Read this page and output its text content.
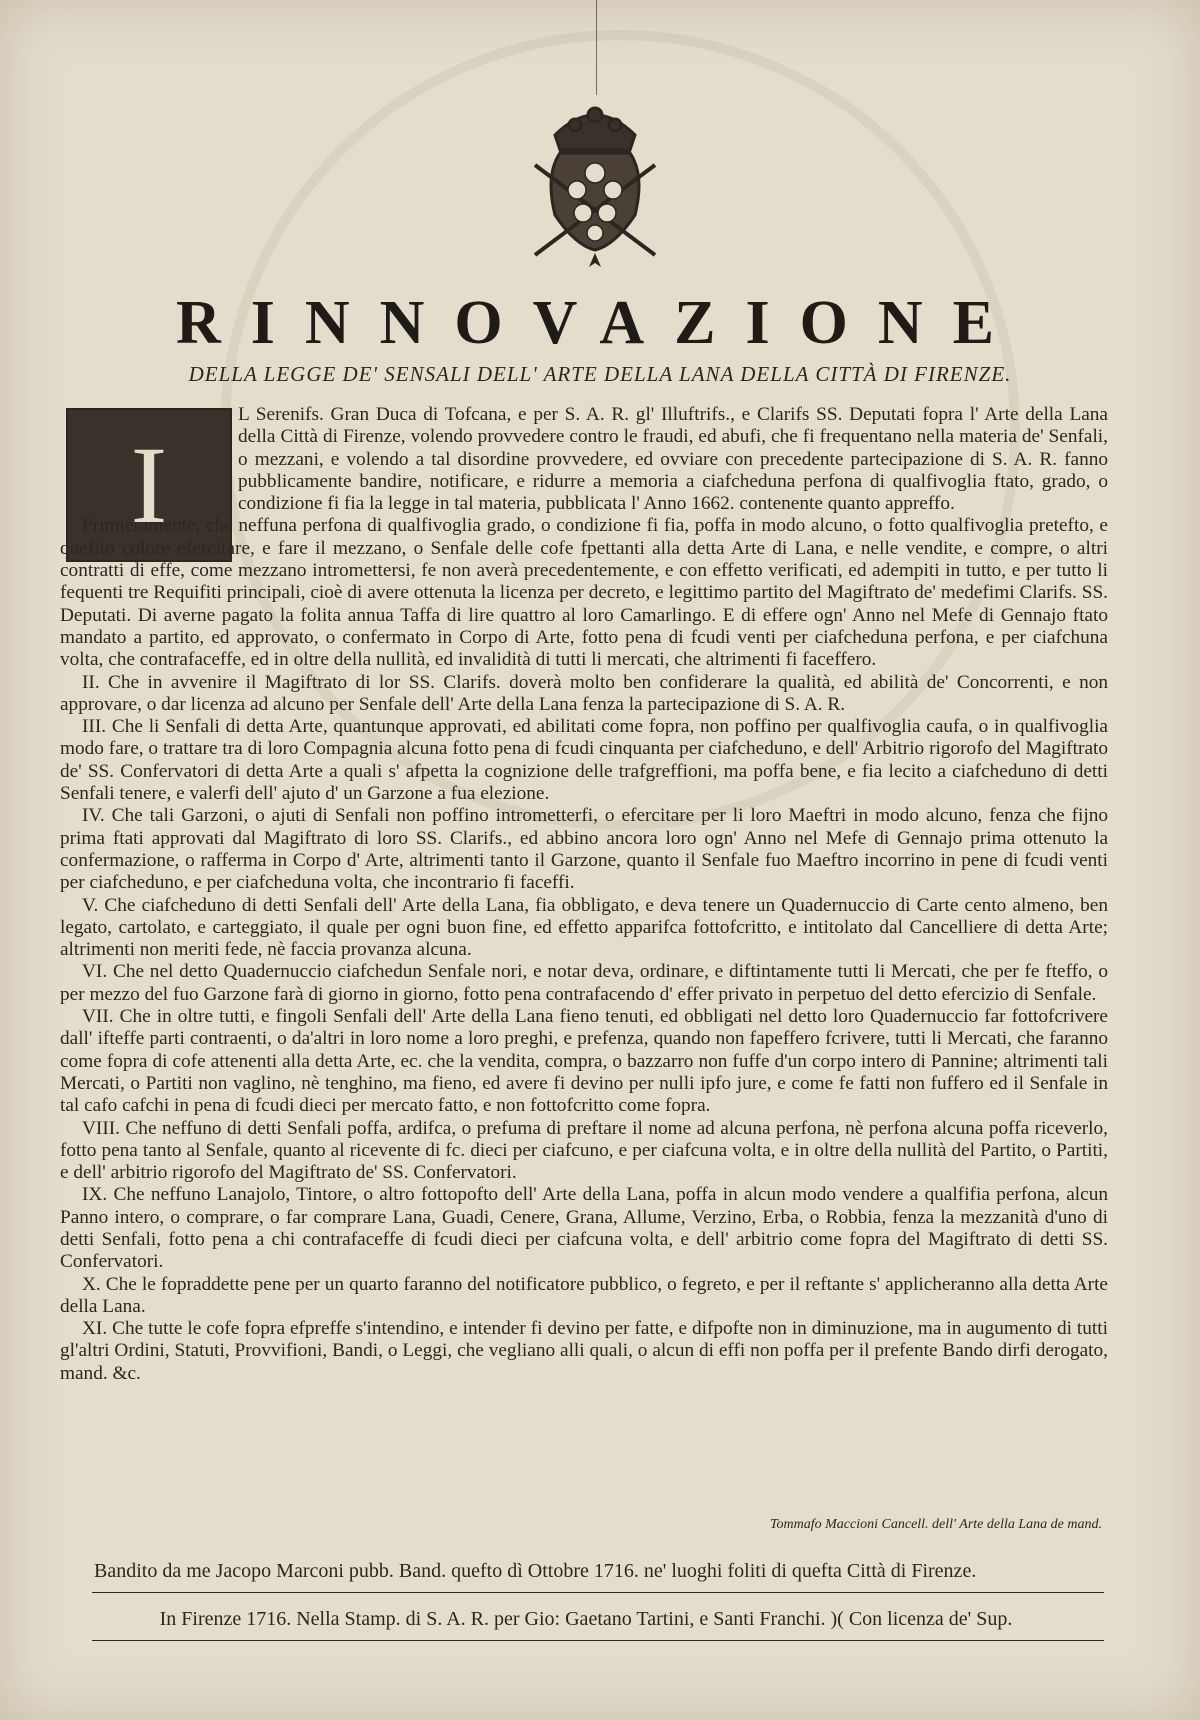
RINNOVAZIONE

DELLA LEGGE DE' SENSALI DELL' ARTE DELLA LANA DELLA CITTÀ DI FIRENZE.

I

L Serenifs. Gran Duca di Tofcana, e per S. A. R. gl' Illuftrifs., e Clarifs SS. Deputati fopra l' Arte della Lana della Città di Firenze, volendo provvedere contro le fraudi, ed abufi, che fi frequentano nella materia de' Senfali, o mezzani, e volendo a tal disordine provvedere, ed ovviare con precedente partecipazione di S. A. R. fanno pubblicamente bandire, notificare, e ridurre a memoria a ciafcheduna perfona di qualfivoglia ftato, grado, o condizione fi fia la legge in tal materia, pubblicata l' Anno 1662. contenente quanto appreffo.

Primieramente, che neffuna perfona di qualfivoglia grado, o condizione fi fia, poffa in modo alcuno, o fotto qualfivoglia pretefto, e quefito colore efercitare, e fare il mezzano, o Senfale delle cofe fpettanti alla detta Arte di Lana, e nelle vendite, e compre, o altri contratti di effe, come mezzano intromettersi, fe non averà precedentemente, e con effetto verificati, ed adempiti in tutto, e per tutto li fequenti tre Requifiti principali, cioè di avere ottenuta la licenza per decreto, e legittimo partito del Magiftrato de' medefimi Clarifs. SS. Deputati. Di averne pagato la folita annua Taffa di lire quattro al loro Camarlingo. E di effere ogn' Anno nel Mefe di Gennajo ftato mandato a partito, ed approvato, o confermato in Corpo di Arte, fotto pena di fcudi venti per ciafcheduna perfona, e per ciafchuna volta, che contrafaceffe, ed in oltre della nullità, ed invalidità di tutti li mercati, che altrimenti fi faceffero.

II. Che in avvenire il Magiftrato di lor SS. Clarifs. doverà molto ben confiderare la qualità, ed abilità de' Concorrenti, e non approvare, o dar licenza ad alcuno per Senfale dell' Arte della Lana fenza la partecipazione di S. A. R.

III. Che li Senfali di detta Arte, quantunque approvati, ed abilitati come fopra, non poffino per qualfivoglia caufa, o in qualfivoglia modo fare, o trattare tra di loro Compagnia alcuna fotto pena di fcudi cinquanta per ciafcheduno, e dell' Arbitrio rigorofo del Magiftrato de' SS. Confervatori di detta Arte a quali s' afpetta la cognizione delle trafgreffioni, ma poffa bene, e fia lecito a ciafcheduno di detti Senfali tenere, e valerfi dell' ajuto d' un Garzone a fua elezione.

IV. Che tali Garzoni, o ajuti di Senfali non poffino intrometterfi, o efercitare per li loro Maeftri in modo alcuno, fenza che fijno prima ftati approvati dal Magiftrato di loro SS. Clarifs., ed abbino ancora loro ogn' Anno nel Mefe di Gennajo prima ottenuto la confermazione, o rafferma in Corpo d' Arte, altrimenti tanto il Garzone, quanto il Senfale fuo Maeftro incorrino in pene di fcudi venti per ciafcheduno, e per ciafcheduna volta, che incontrario fi faceffi.

V. Che ciafcheduno di detti Senfali dell' Arte della Lana, fia obbligato, e deva tenere un Quadernuccio di Carte cento almeno, ben legato, cartolato, e carteggiato, il quale per ogni buon fine, ed effetto apparifca fottofcritto, e intitolato dal Cancelliere di detta Arte; altrimenti non meriti fede, nè faccia provanza alcuna.

VI. Che nel detto Quadernuccio ciafchedun Senfale nori, e notar deva, ordinare, e diftintamente tutti li Mercati, che per fe fteffo, o per mezzo del fuo Garzone farà di giorno in giorno, fotto pena contrafacendo d' effer privato in perpetuo del detto efercizio di Senfale.

VII. Che in oltre tutti, e fingoli Senfali dell' Arte della Lana fieno tenuti, ed obbligati nel detto loro Quadernuccio far fottofcrivere dall' ifteffe parti contraenti, o da'altri in loro nome a loro preghi, e prefenza, quando non fapeffero fcrivere, tutti li Mercati, che faranno come fopra di cofe attenenti alla detta Arte, ec. che la vendita, compra, o bazzarro non fuffe d'un corpo intero di Pannine; altrimenti tali Mercati, o Partiti non vaglino, nè tenghino, ma fieno, ed avere fi devino per nulli ipfo jure, e come fe fatti non fuffero ed il Senfale in tal cafo cafchi in pena di fcudi dieci per mercato fatto, e non fottofcritto come fopra.

VIII. Che neffuno di detti Senfali poffa, ardifca, o prefuma di preftare il nome ad alcuna perfona, nè perfona alcuna poffa riceverlo, fotto pena tanto al Senfale, quanto al ricevente di fc. dieci per ciafcuno, e per ciafcuna volta, e in oltre della nullità del Partito, o Partiti, e dell' arbitrio rigorofo del Magiftrato de' SS. Confervatori.

IX. Che neffuno Lanajolo, Tintore, o altro fottopofto dell' Arte della Lana, poffa in alcun modo vendere a qualfifia perfona, alcun Panno intero, o comprare, o far comprare Lana, Guadi, Cenere, Grana, Allume, Verzino, Erba, o Robbia, fenza la mezzanità d'uno di detti Senfali, fotto pena a chi contrafaceffe di fcudi dieci per ciafcuna volta, e dell' arbitrio come fopra del Magiftrato di detti SS. Confervatori.

X. Che le fopraddette pene per un quarto faranno del notificatore pubblico, o fegreto, e per il reftante s' applicheranno alla detta Arte della Lana.

XI. Che tutte le cofe fopra efpreffe s'intendino, e intender fi devino per fatte, e difpofte non in diminuzione, ma in augumento di tutti gl'altri Ordini, Statuti, Provvifioni, Bandi, o Leggi, che vegliano alli quali, o alcun di effi non poffa per il prefente Bando dirfi derogato, mand. &c.

Tommafo Maccioni Cancell. dell' Arte della Lana de mand.
Bandito da me Jacopo Marconi pubb. Band. quefto dì Ottobre 1716. ne' luoghi foliti di quefta Città di Firenze.
In Firenze 1716. Nella Stamp. di S. A. R. per Gio: Gaetano Tartini, e Santi Franchi. )( Con licenza de' Sup.
